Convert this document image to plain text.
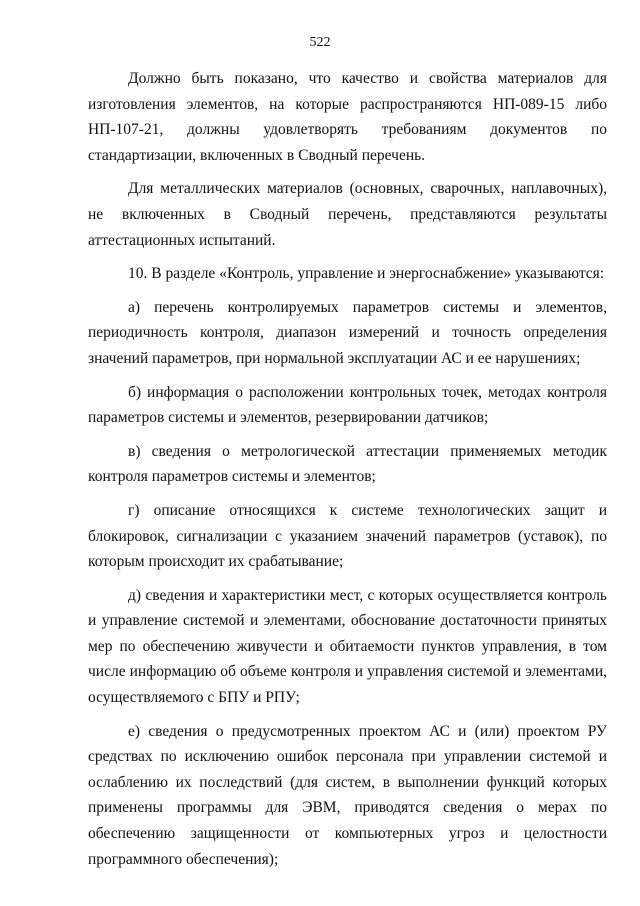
522

Должно быть показано, что качество и свойства материалов для изготовления элементов, на которые распространяются НП-089-15 либо НП-107-21, должны удовлетворять требованиям документов по стандартизации, включенных в Сводный перечень.

Для металлических материалов (основных, сварочных, наплавочных), не включенных в Сводный перечень, представляются результаты аттестационных испытаний.

10. В разделе «Контроль, управление и энергоснабжение» указываются:

а) перечень контролируемых параметров системы и элементов, периодичность контроля, диапазон измерений и точность определения значений параметров, при нормальной эксплуатации АС и ее нарушениях;

б) информация о расположении контрольных точек, методах контроля параметров системы и элементов, резервировании датчиков;

в) сведения о метрологической аттестации применяемых методик контроля параметров системы и элементов;

г) описание относящихся к системе технологических защит и блокировок, сигнализации с указанием значений параметров (уставок), по которым происходит их срабатывание;

д) сведения и характеристики мест, с которых осуществляется контроль и управление системой и элементами, обоснование достаточности принятых мер по обеспечению живучести и обитаемости пунктов управления, в том числе информацию об объеме контроля и управления системой и элементами, осуществляемого с БПУ и РПУ;

е) сведения о предусмотренных проектом АС и (или) проектом РУ средствах по исключению ошибок персонала при управлении системой и ослаблению их последствий (для систем, в выполнении функций которых применены программы для ЭВМ, приводятся сведения о мерах по обеспечению защищенности от компьютерных угроз и целостности программного обеспечения);
